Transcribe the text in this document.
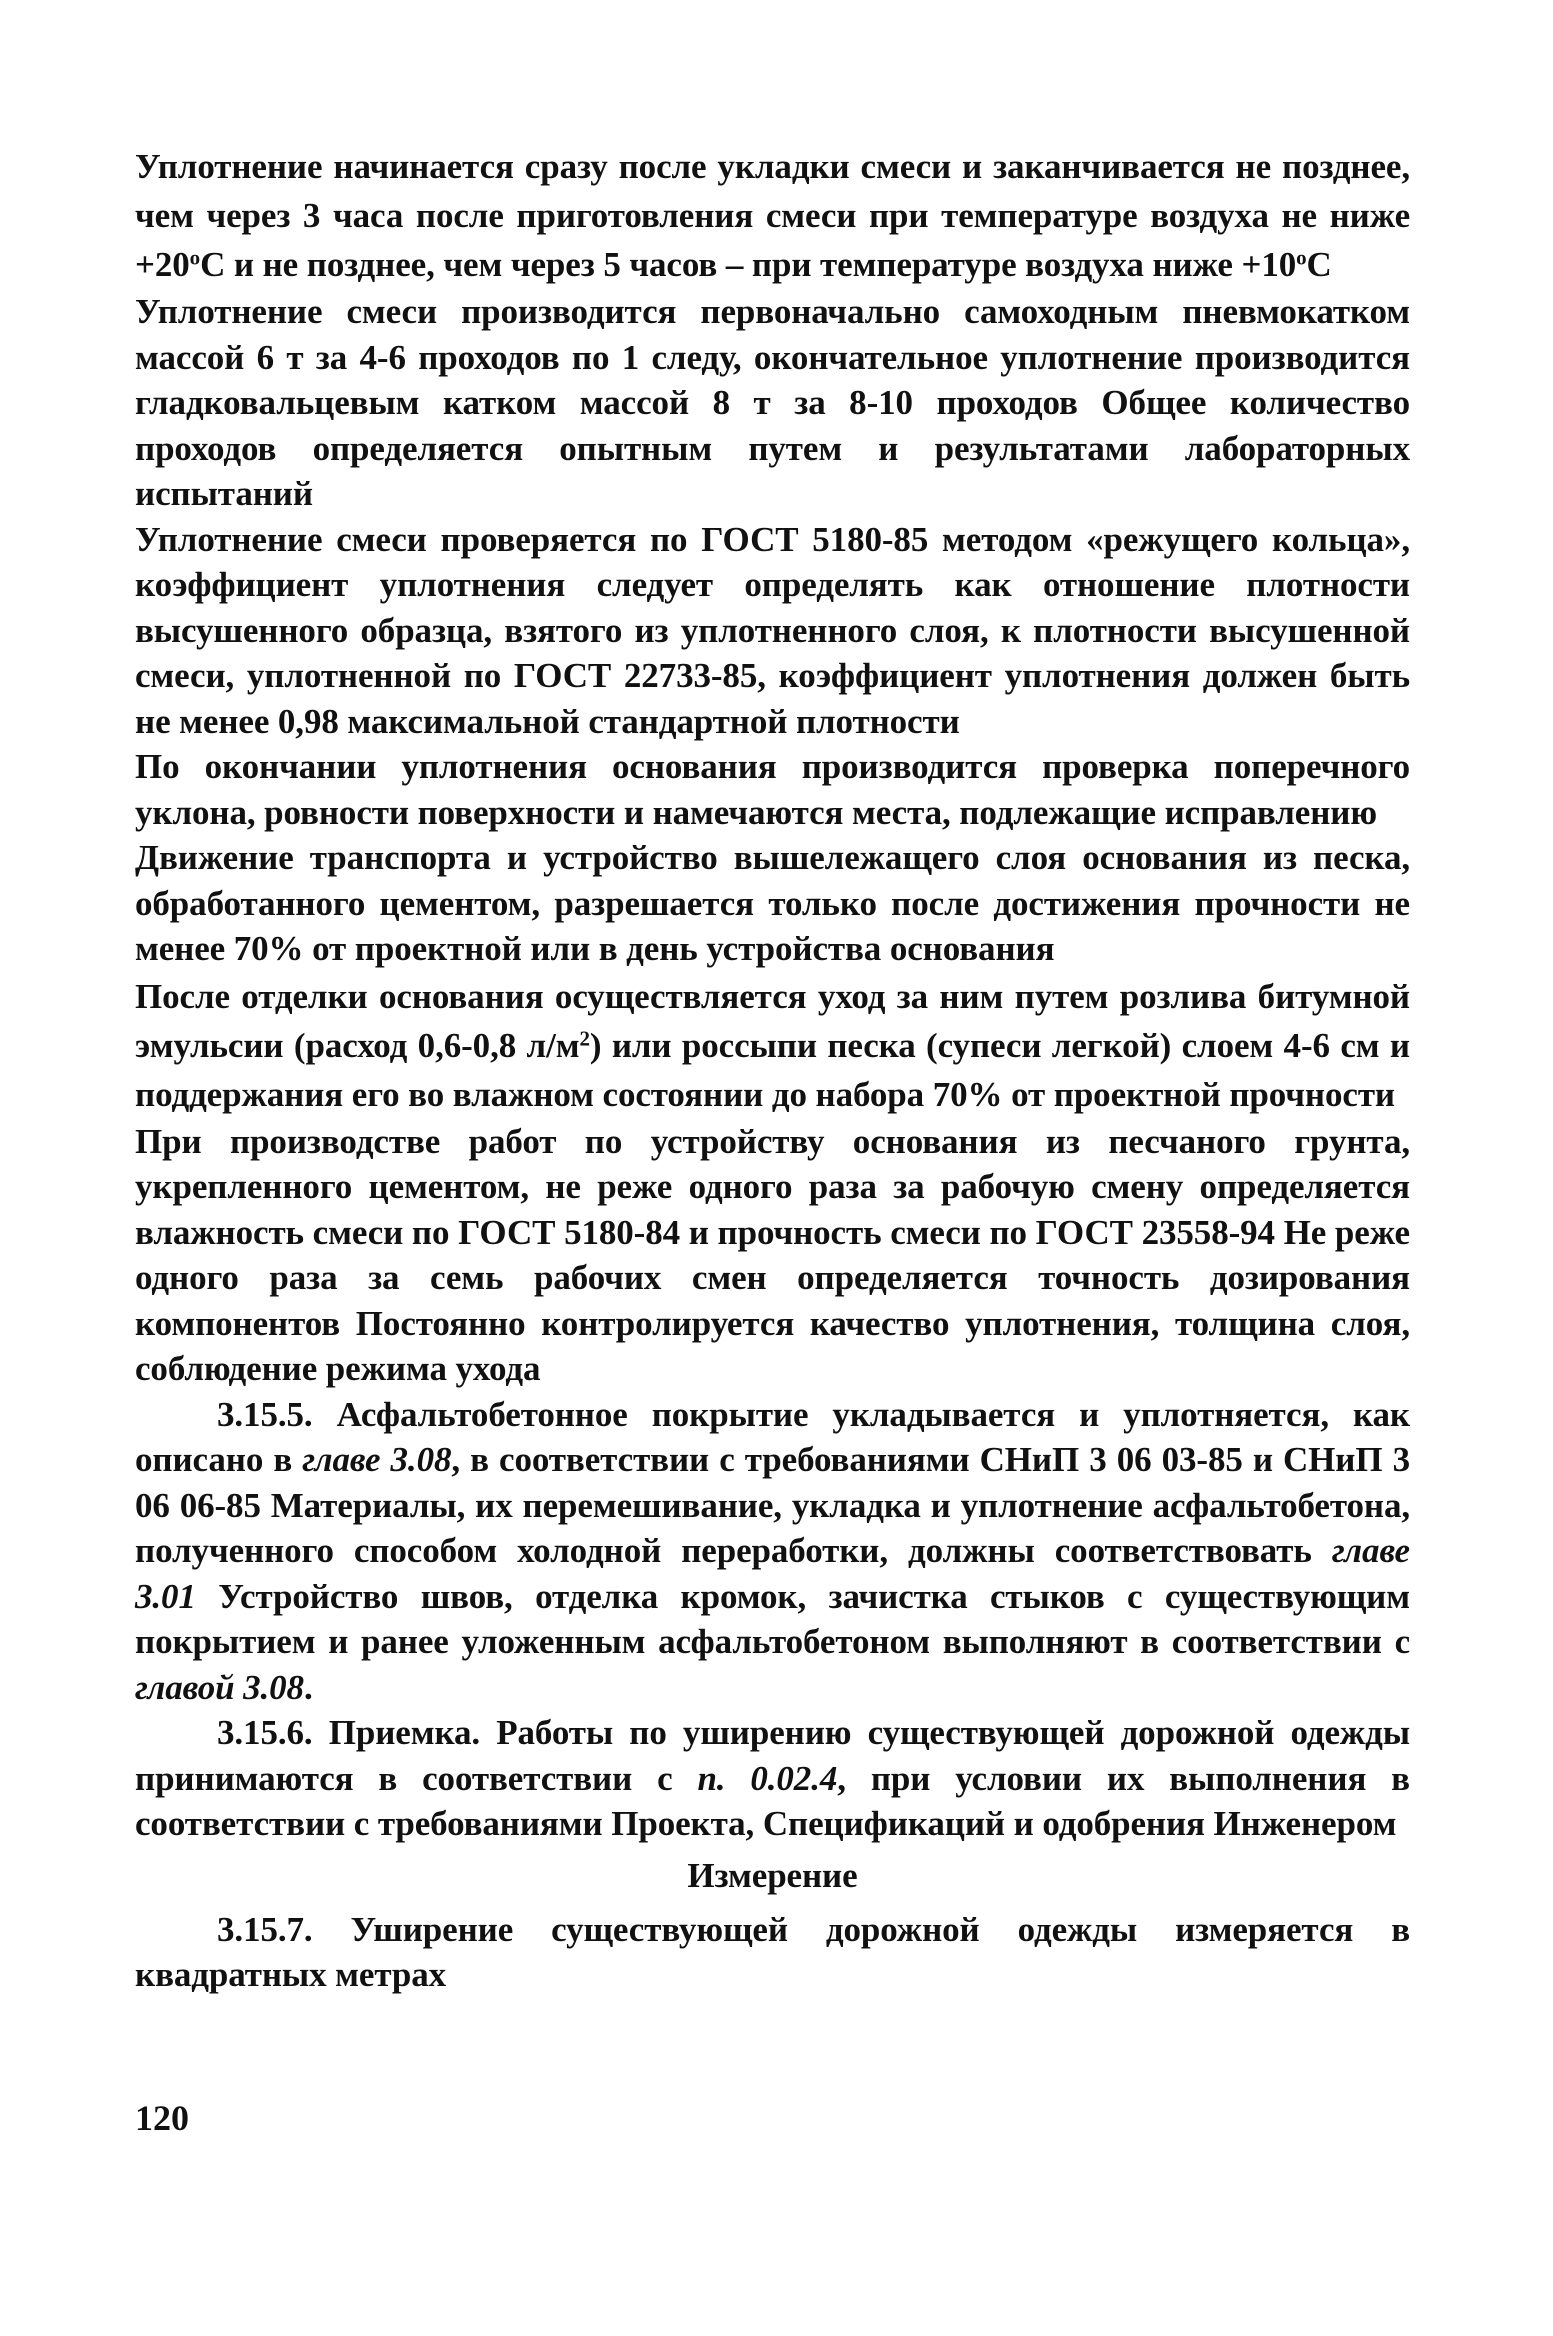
Уплотнение начинается сразу после укладки смеси и заканчивается не позднее, чем через 3 часа после приготовления смеси при температуре воздуха не ниже $+20^oС$ и не позднее, чем через 5 часов – при температуре воздуха ниже $+10^oС$

Уплотнение смеси производится первоначально самоходным пневмокатком массой 6 т за 4-6 проходов по 1 следу, окончательное уплотнение производится гладковальцевым катком массой 8 т за 8-10 проходов Общее количество проходов определяется опытным путем и результатами лабораторных испытаний

Уплотнение смеси проверяется по ГОСТ 5180-85 методом «режущего кольца», коэффициент уплотнения следует определять как отношение плотности высушенного образца, взятого из уплотненного слоя, к плотности высушенной смеси, уплотненной по ГОСТ 22733-85, коэффициент уплотнения должен быть не менее 0,98 максимальной стандартной плотности

По окончании уплотнения основания производится проверка поперечного уклона, ровности поверхности и намечаются места, подлежащие исправлению

Движение транспорта и устройство вышележащего слоя основания из песка, обработанного цементом, разрешается только после достижения прочности не менее 70% от проектной или в день устройства основания

После отделки основания осуществляется уход за ним путем розлива битумной эмульсии (расход 0,6-0,8 $л/м^2$) или россыпи песка (супеси легкой) слоем 4-6 см и поддержания его во влажном состоянии до набора 70% от проектной прочности

При производстве работ по устройству основания из песчаного грунта, укрепленного цементом, не реже одного раза за рабочую смену определяется влажность смеси по ГОСТ 5180-84 и прочность смеси по ГОСТ 23558-94 Не реже одного раза за семь рабочих смен определяется точность дозирования компонентов Постоянно контролируется качество уплотнения, толщина слоя, соблюдение режима ухода

3.15.5. Асфальтобетонное покрытие укладывается и уплотняется, как описано в главе 3.08, в соответствии с требованиями СНиП 3 06 03-85 и СНиП 3 06 06-85 Материалы, их перемешивание, укладка и уплотнение асфальтобетона, полученного способом холодной переработки, должны соответствовать главе 3.01 Устройство швов, отделка кромок, зачистка стыков с существующим покрытием и ранее уложенным асфальтобетоном выполняют в соответствии с главой 3.08.

3.15.6. Приемка. Работы по уширению существующей дорожной одежды принимаются в соответствии с п. 0.02.4, при условии их выполнения в соответствии с требованиями Проекта, Спецификаций и одобрения Инженером

Измерение

3.15.7. Уширение существующей дорожной одежды измеряется в квадратных метрах

120
